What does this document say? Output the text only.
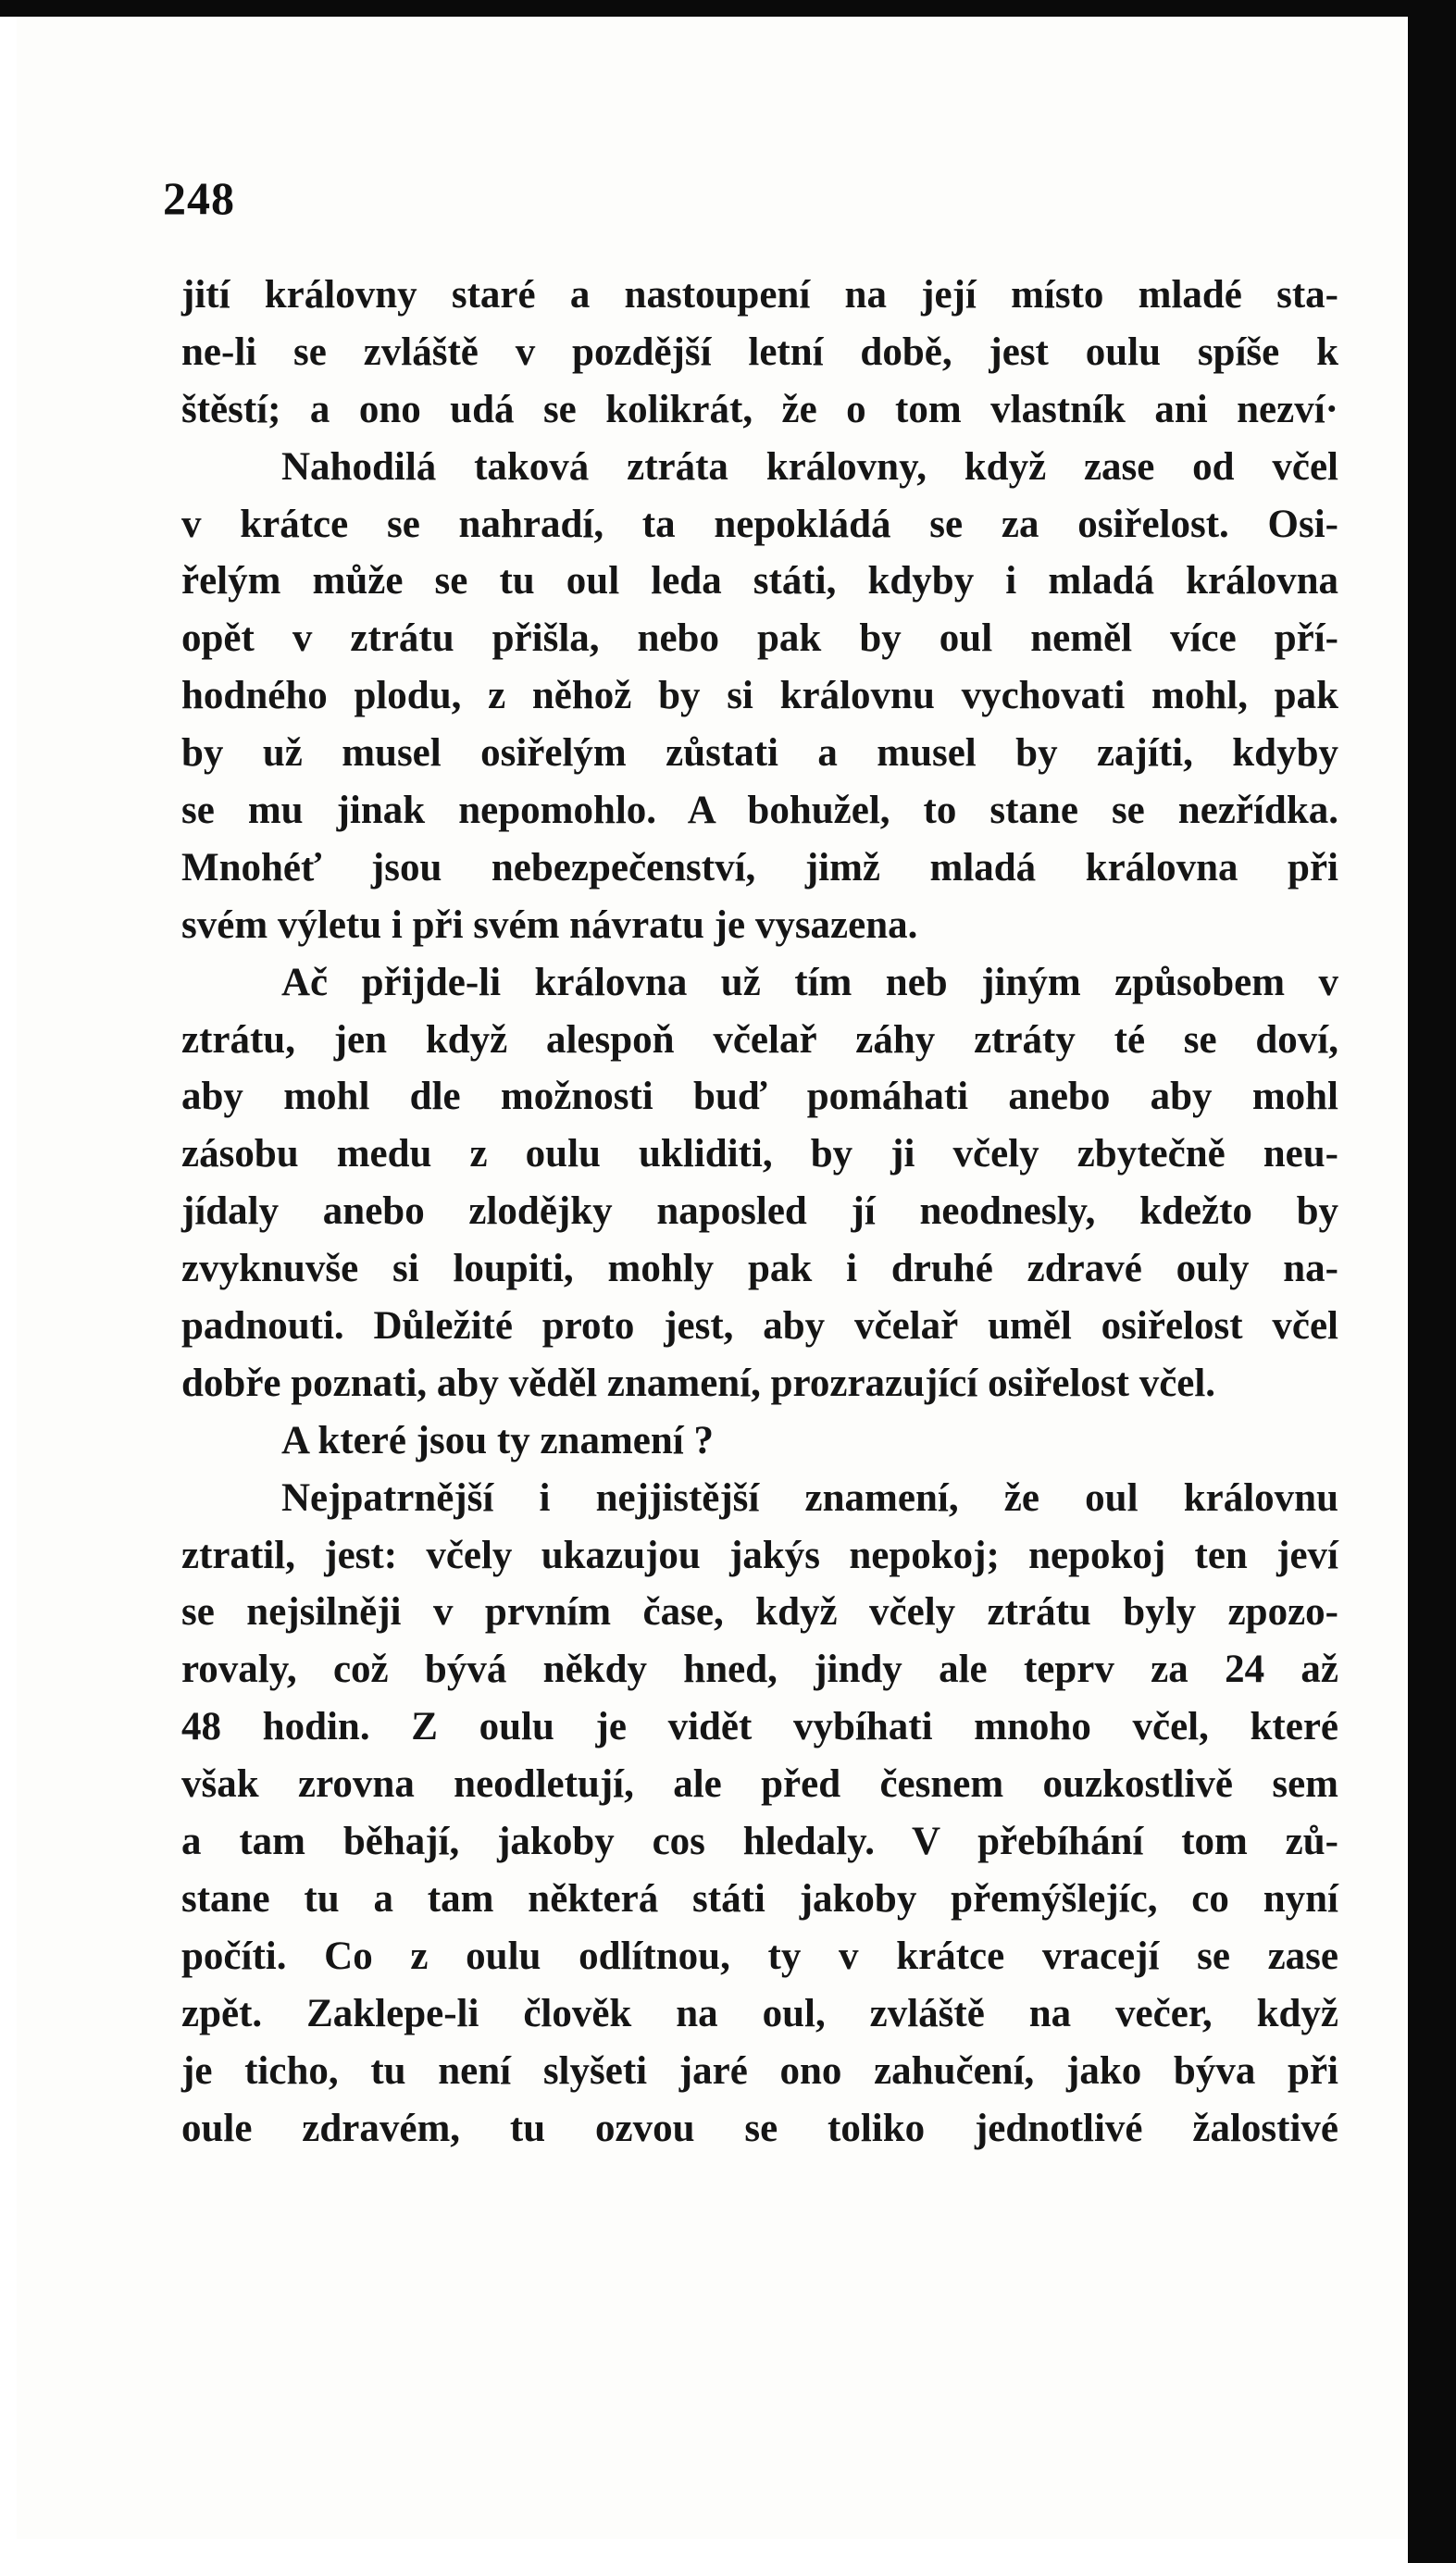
248

jití královny staré a nastoupení na její místo mladé sta-
ne-li se zvláště v pozdější letní době, jest oulu spíše k
štěstí; a ono udá se kolikrát, že o tom vlastník ani nezví·
Nahodilá taková ztráta královny, když zase od včel
v krátce se nahradí, ta nepokládá se za osiřelost. Osi-
řelým může se tu oul leda státi, kdyby i mladá královna
opět v ztrátu přišla, nebo pak by oul neměl více pří-
hodného plodu, z něhož by si královnu vychovati mohl, pak
by už musel osiřelým zůstati a musel by zajíti, kdyby
se mu jinak nepomohlo. A bohužel, to stane se nezřídka.
Mnohéť jsou nebezpečenství, jimž mladá královna při
svém výletu i při svém návratu je vysazena.
Ač přijde-li královna už tím neb jiným způsobem v
ztrátu, jen když alespoň včelař záhy ztráty té se doví,
aby mohl dle možnosti buď pomáhati anebo aby mohl
zásobu medu z oulu ukliditi, by ji včely zbytečně neu-
jídaly anebo zlodějky naposled jí neodnesly, kdežto by
zvyknuvše si loupiti, mohly pak i druhé zdravé ouly na-
padnouti. Důležité proto jest, aby včelař uměl osiřelost včel
dobře poznati, aby věděl znamení, prozrazující osiřelost včel.
A které jsou ty znamení ?
Nejpatrnější i nejjistější znamení, že oul královnu
ztratil, jest: včely ukazujou jakýs nepokoj; nepokoj ten jeví
se nejsilněji v prvním čase, když včely ztrátu byly zpozo-
rovaly, což bývá někdy hned, jindy ale teprv za 24 až
48 hodin. Z oulu je vidět vybíhati mnoho včel, které
však zrovna neodletují, ale před česnem ouzkostlivě sem
a tam běhají, jakoby cos hledaly. V přebíhání tom zů-
stane tu a tam některá státi jakoby přemýšlejíc, co nyní
počíti. Co z oulu odlítnou, ty v krátce vracejí se zase
zpět. Zaklepe-li člověk na oul, zvláště na večer, když
je ticho, tu není slyšeti jaré ono zahučení, jako býva při
oule zdravém, tu ozvou se toliko jednotlivé žalostivé
